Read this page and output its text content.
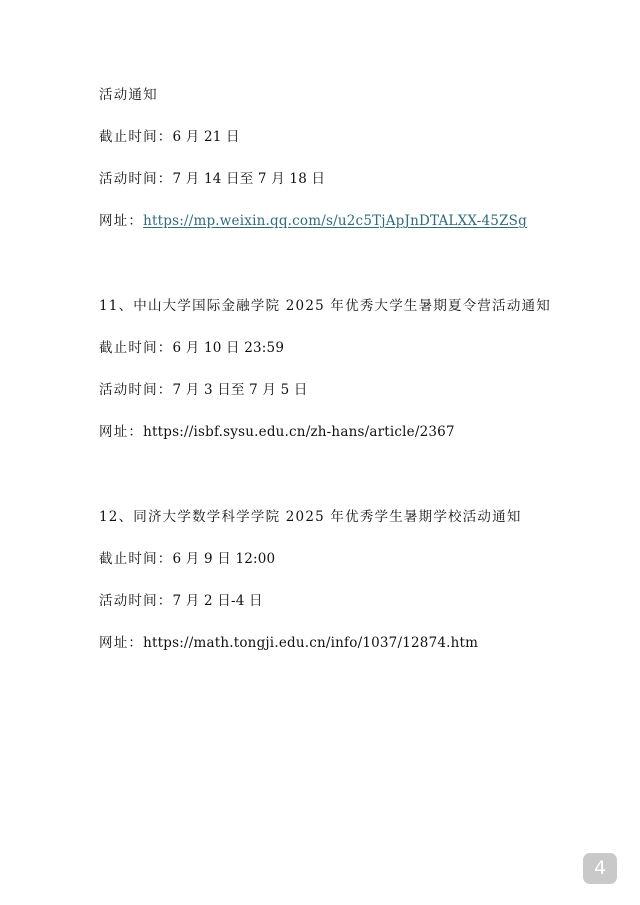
活动通知
截止时间：6 月 21 日
活动时间：7 月 14 日至 7 月 18 日
网址：https://mp.weixin.qq.com/s/u2c5TjApJnDTALXX-45ZSg
11、中山大学国际金融学院 2025 年优秀大学生暑期夏令营活动通知
截止时间：6 月 10 日 23:59
活动时间：7 月 3 日至 7 月 5 日
网址：https://isbf.sysu.edu.cn/zh-hans/article/2367
12、同济大学数学科学学院 2025 年优秀学生暑期学校活动通知
截止时间：6 月 9 日 12:00
活动时间：7 月 2 日-4 日
网址：https://math.tongji.edu.cn/info/1037/12874.htm
4
